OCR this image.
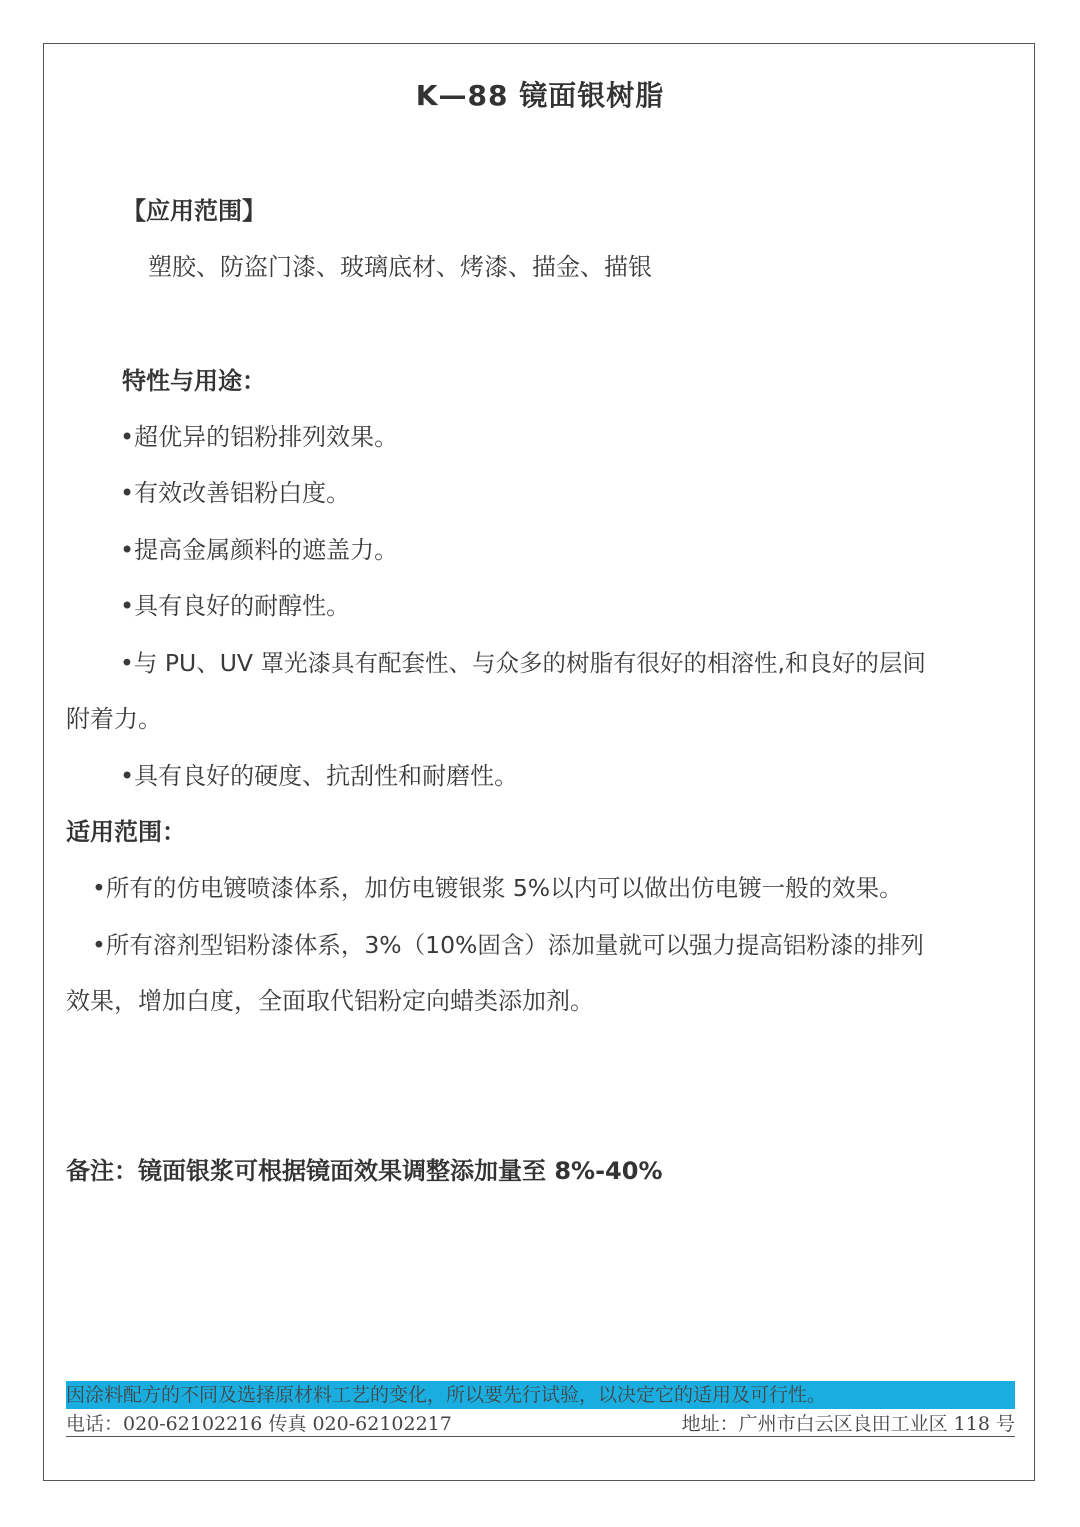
K—88 镜面银树脂
【应用范围】
塑胶、防盗门漆、玻璃底材、烤漆、描金、描银
特性与用途：
•超优异的铝粉排列效果。
•有效改善铝粉白度。
•提高金属颜料的遮盖力。
•具有良好的耐醇性。
•与 PU、UV 罩光漆具有配套性、与众多的树脂有很好的相溶性,和良好的层间
附着力。
•具有良好的硬度、抗刮性和耐磨性。
适用范围：
•所有的仿电镀喷漆体系，加仿电镀银浆 5%以内可以做出仿电镀一般的效果。
•所有溶剂型铝粉漆体系，3%（10%固含）添加量就可以强力提高铝粉漆的排列
效果，增加白度，全面取代铝粉定向蜡类添加剂。
备注：镜面银浆可根据镜面效果调整添加量至 8%-40%
因涂料配方的不同及选择原材料工艺的变化，所以要先行试验，以决定它的适用及可行性。
电话：020-62102216 传真 020-62102217	地址：广州市白云区良田工业区 118 号
